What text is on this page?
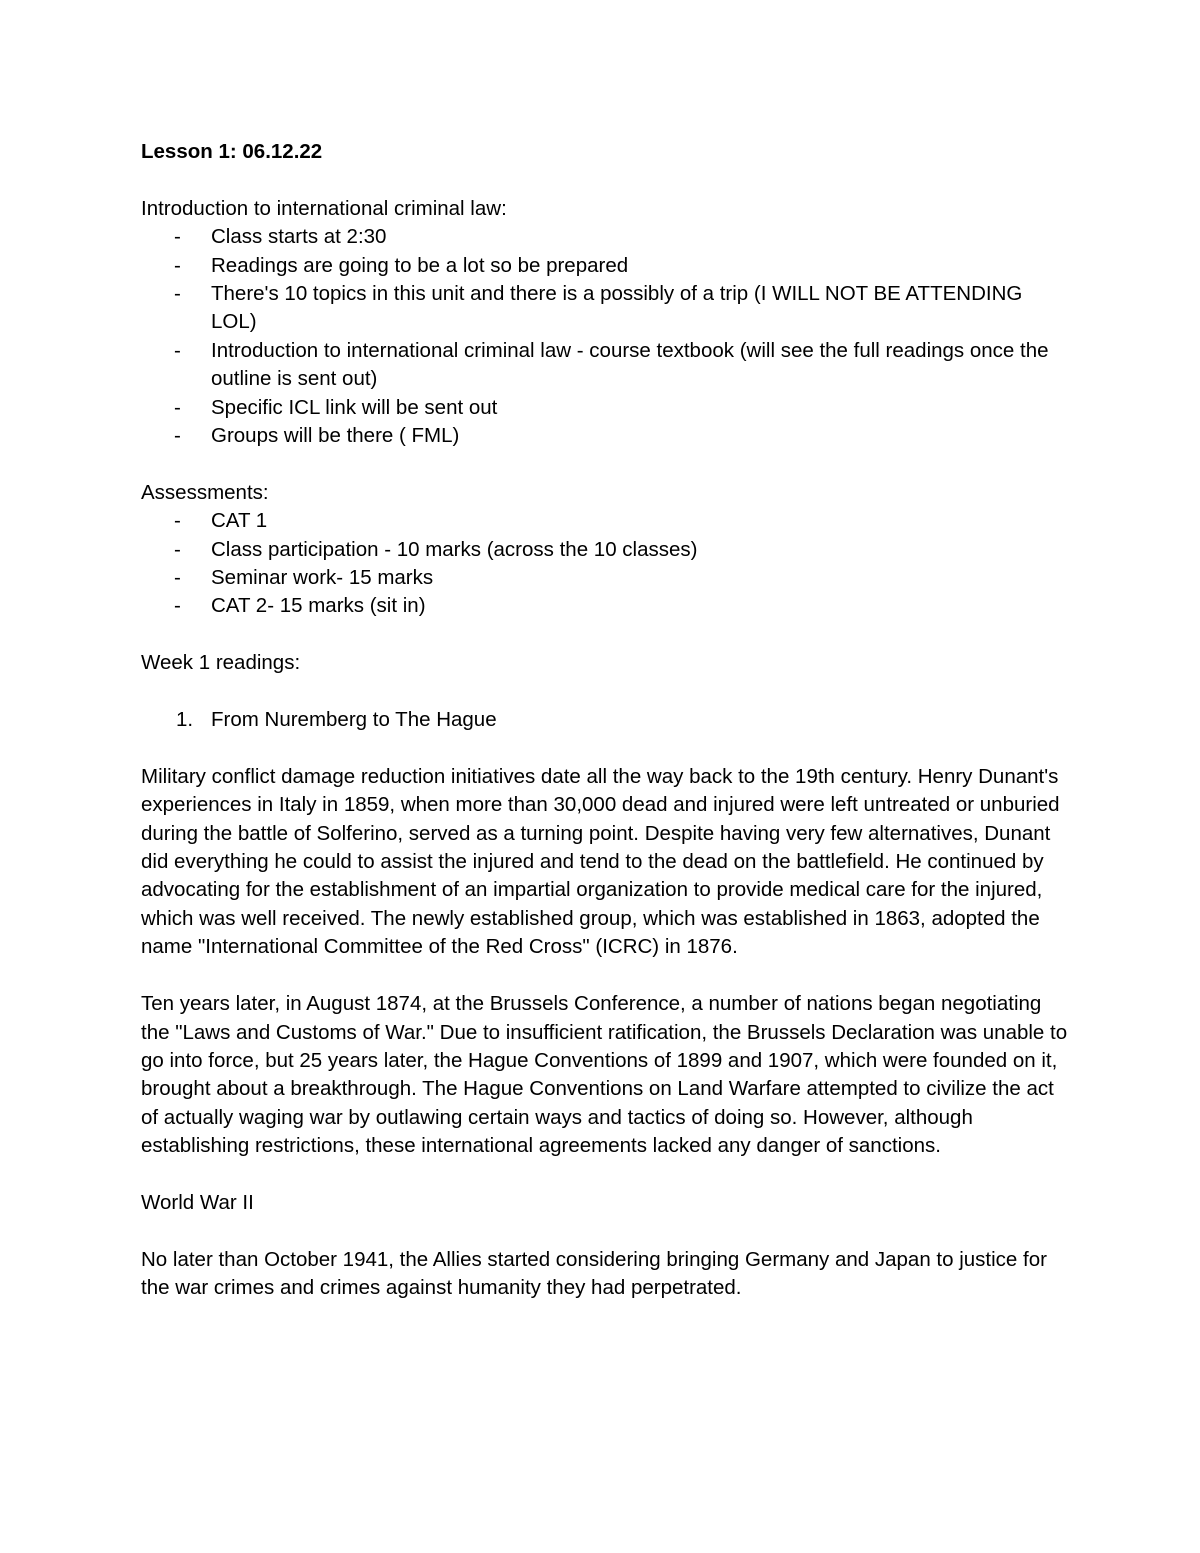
Lesson 1: 06.12.22

Introduction to international criminal law:

- Class starts at 2:30
- Readings are going to be a lot so be prepared
- There's 10 topics in this unit and there is a possibly of a trip (I WILL NOT BE ATTENDING LOL)
- Introduction to international criminal law - course textbook (will see the full readings once the outline is sent out)
- Specific ICL link will be sent out
- Groups will be there ( FML)

Assessments:

- CAT 1
- Class participation - 10 marks (across the 10 classes)
- Seminar work- 15 marks
- CAT 2- 15 marks (sit in)

Week 1 readings:

1. From Nuremberg to The Hague

Military conflict damage reduction initiatives date all the way back to the 19th century. Henry Dunant's experiences in Italy in 1859, when more than 30,000 dead and injured were left untreated or unburied during the battle of Solferino, served as a turning point. Despite having very few alternatives, Dunant did everything he could to assist the injured and tend to the dead on the battlefield. He continued by advocating for the establishment of an impartial organization to provide medical care for the injured, which was well received. The newly established group, which was established in 1863, adopted the name "International Committee of the Red Cross" (ICRC) in 1876.

Ten years later, in August 1874, at the Brussels Conference, a number of nations began negotiating the "Laws and Customs of War." Due to insufficient ratification, the Brussels Declaration was unable to go into force, but 25 years later, the Hague Conventions of 1899 and 1907, which were founded on it, brought about a breakthrough. The Hague Conventions on Land Warfare attempted to civilize the act of actually waging war by outlawing certain ways and tactics of doing so. However, although establishing restrictions, these international agreements lacked any danger of sanctions.

World War II

No later than October 1941, the Allies started considering bringing Germany and Japan to justice for the war crimes and crimes against humanity they had perpetrated.
